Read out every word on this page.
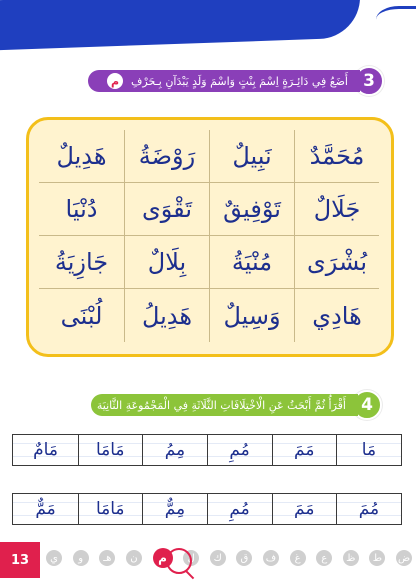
3
أَضَعُ فِي دَائِـرَةٍ اِسْمَ بِنْتٍ وَاسْمَ وَلَدٍ يَبْدَآنِ بِـحَرْفِ
م
مُحَمَّدٌ
نَبِيلٌ
رَوْضَةُ
هَدِيلٌ
جَلَالٌ
تَوْفِيقٌ
تَقْوَى
دُنْيَا
بُشْرَى
مُنْيَةُ
بِلَالٌ
جَازِيَةُ
هَادِي
وَسِيلٌ
هَدِيلُ
لُبْنَى
4
أَقْرَأُ ثُمَّ أَبْحَثُ عَنِ الْاخْتِلَافَاتِ الثَّلَاثَةِ فِي الْمَجْمُوعَةِ الثَّانِيَة
مَا
مَمَ
مُمِ
مِمُ
مَامَا
مَامٌ
مُمَ
مَمَ
مُمِ
مِمٌّ
مَامَا
مَمٌّ
13	ض
ط
ظ
ع
غ
ف
ق
ك
ل
م
ن
هـ
و
ي
